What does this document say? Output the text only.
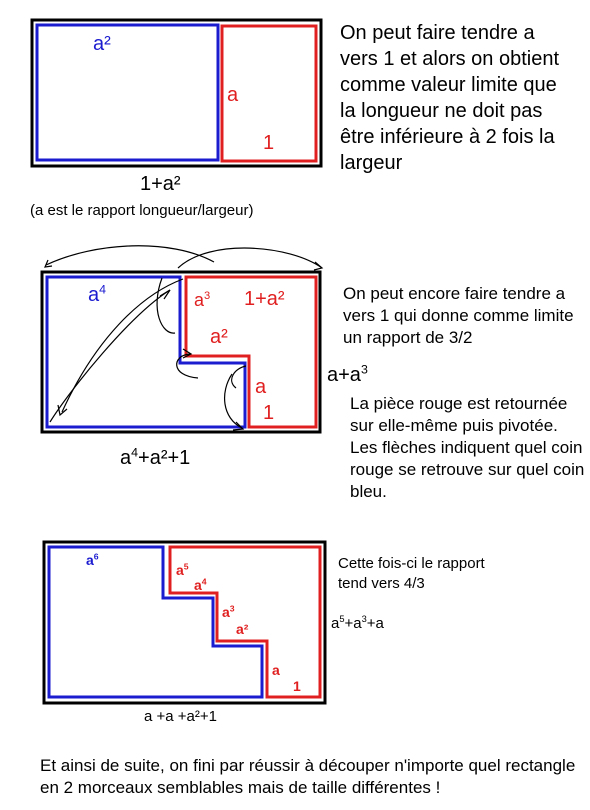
a²
a
1
1+a²
(a est le rapport longueur/largeur)
On peut faire tendre a vers 1 et alors on obtient comme valeur limite que la longueur ne doit pas être inférieure à 2 fois la largeur
$a^4$
$a^3$ 1+a²
a²
a
1
$a+a^3$
$a^4+a^2+1$
On peut encore faire tendre a vers 1 qui donne comme limite un rapport de 3/2
La pièce rouge est retournée sur elle-même puis pivotée. Les flèches indiquent quel coin rouge se retrouve sur quel coin bleu.
$a^6$
$a^5$
$a^4$
$a^3$
a²
a
1
$a^5+a^3+a$
a +a +a²+1
Cette fois-ci le rapport tend vers 4/3
Et ainsi de suite, on fini par réussir à découper n'importe quel rectangle en 2 morceaux semblables mais de taille différentes !
